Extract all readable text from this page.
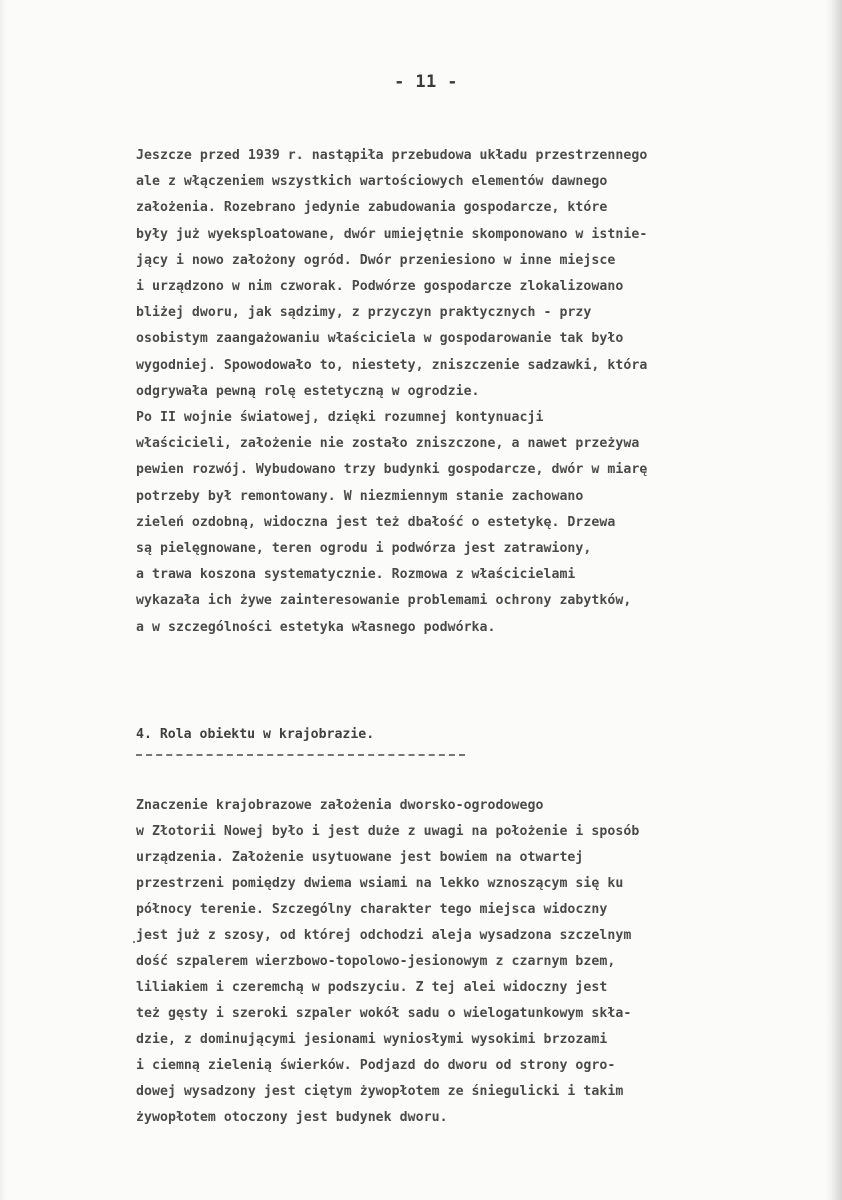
- 11 -
Jeszcze przed 1939 r. nastąpiła przebudowa układu przestrzennego
ale z włączeniem wszystkich wartościowych elementów dawnego
założenia. Rozebrano jedynie zabudowania gospodarcze, które
były już wyeksploatowane, dwór umiejętnie skomponowano w istnie-
jący i nowo założony ogród. Dwór przeniesiono w inne miejsce
i urządzono w nim czworak. Podwórze gospodarcze zlokalizowano
bliżej dworu, jak sądzimy, z przyczyn praktycznych - przy
osobistym zaangażowaniu właściciela w gospodarowanie tak było
wygodniej. Spowodowało to, niestety, zniszczenie sadzawki, która
odgrywała pewną rolę estetyczną w ogrodzie.
Po II wojnie światowej, dzięki rozumnej kontynuacji
właścicieli, założenie nie zostało zniszczone, a nawet przeżywa
pewien rozwój. Wybudowano trzy budynki gospodarcze, dwór w miarę
potrzeby był remontowany. W niezmiennym stanie zachowano
zieleń ozdobną, widoczna jest też dbałość o estetykę. Drzewa
są pielęgnowane, teren ogrodu i podwórza jest zatrawiony,
a trawa koszona systematycznie. Rozmowa z właścicielami
wykazała ich żywe zainteresowanie problemami ochrony zabytków,
a w szczególności estetyka własnego podwórka.
4. Rola obiektu w krajobrazie.
Znaczenie krajobrazowe założenia dworsko-ogrodowego
w Złotorii Nowej było i jest duże z uwagi na położenie i sposób
urządzenia. Założenie usytuowane jest bowiem na otwartej
przestrzeni pomiędzy dwiema wsiami na lekko wznoszącym się ku
północy terenie. Szczególny charakter tego miejsca widoczny
jest już z szosy, od której odchodzi aleja wysadzona szczelnym
dość szpalerem wierzbowo-topolowo-jesionowym z czarnym bzem,
liliakiem i czeremchą w podszyciu. Z tej alei widoczny jest
też gęsty i szeroki szpaler wokół sadu o wielogatunkowym skła-
dzie, z dominującymi jesionami wyniosłymi wysokimi brzozami
i ciemną zielenią świerków. Podjazd do dworu od strony ogro-
dowej wysadzony jest ciętym żywopłotem ze śniegulicki i takim
żywopłotem otoczony jest budynek dworu.
